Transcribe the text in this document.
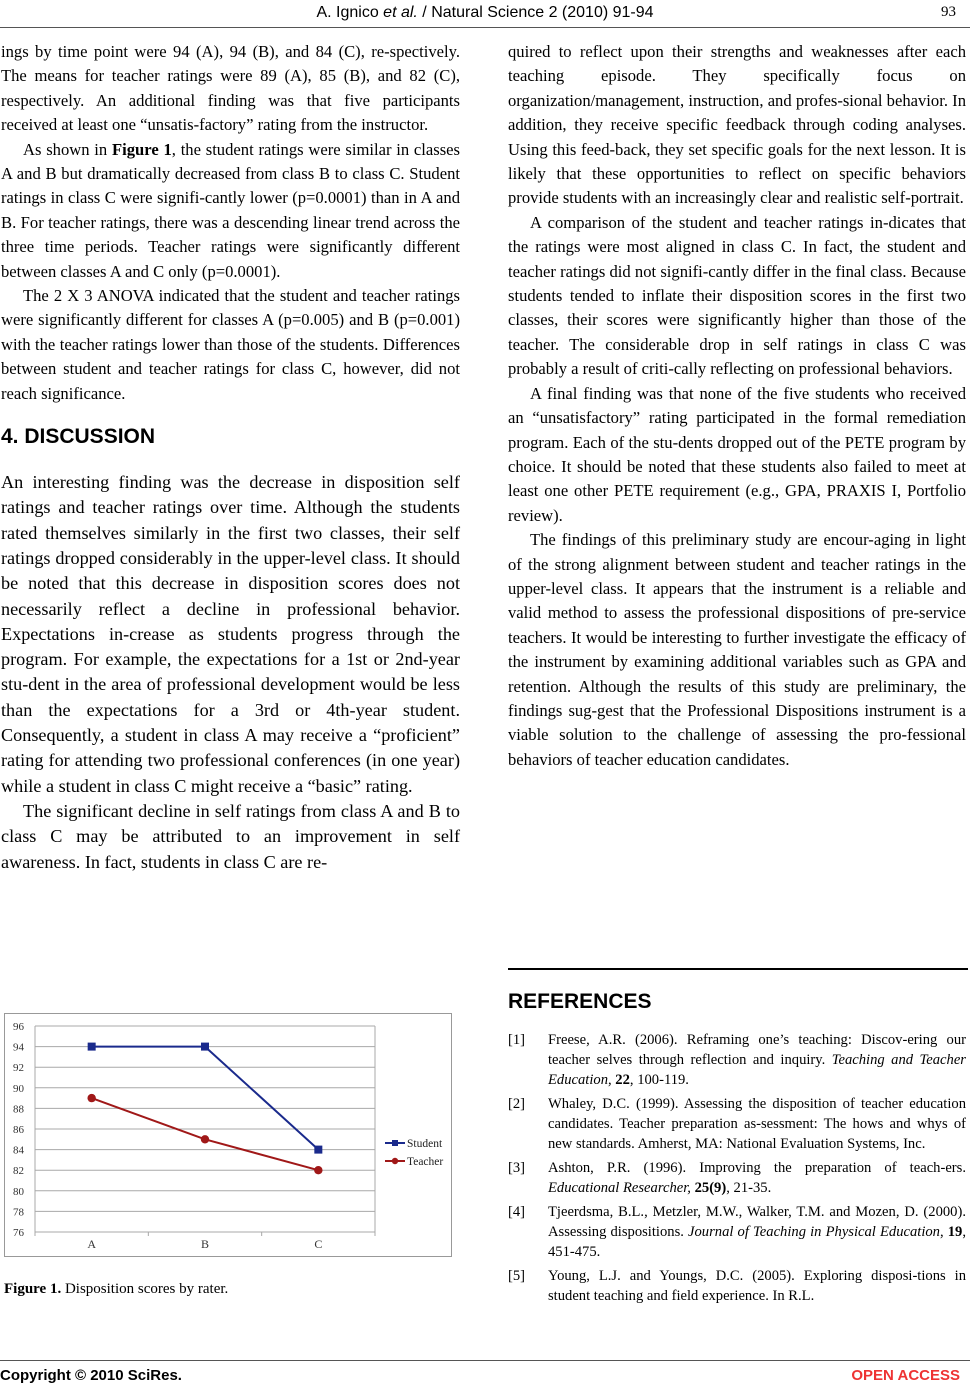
A. Ignico et al. / Natural Science 2 (2010) 91-94	93

ings by time point were 94 (A), 94 (B), and 84 (C), re-spectively. The means for teacher ratings were 89 (A), 85 (B), and 82 (C), respectively. An additional finding was that five participants received at least one “unsatis-factory” rating from the instructor.

As shown in Figure 1, the student ratings were similar in classes A and B but dramatically decreased from class B to class C. Student ratings in class C were signifi-cantly lower (p=0.0001) than in A and B. For teacher ratings, there was a descending linear trend across the three time periods. Teacher ratings were significantly different between classes A and C only (p=0.0001).

The 2 X 3 ANOVA indicated that the student and teacher ratings were significantly different for classes A (p=0.005) and B (p=0.001) with the teacher ratings lower than those of the students. Differences between student and teacher ratings for class C, however, did not reach significance.

4. DISCUSSION

An interesting finding was the decrease in disposition self ratings and teacher ratings over time. Although the students rated themselves similarly in the first two classes, their self ratings dropped considerably in the upper-level class. It should be noted that this decrease in disposition scores does not necessarily reflect a decline in professional behavior. Expectations in-crease as students progress through the program. For example, the expectations for a 1st or 2nd-year stu-dent in the area of professional development would be less than the expectations for a 3rd or 4th-year student. Consequently, a student in class A may receive a “proficient” rating for attending two professional conferences (in one year) while a student in class C might receive a “basic” rating.

The significant decline in self ratings from class A and B to class C may be attributed to an improvement in self awareness. In fact, students in class C are re-

96
94
92
90
88
86
84
82
80
78
76
A	B	C
Student
Teacher
Figure 1. Disposition scores by rater.

quired to reflect upon their strengths and weaknesses after each teaching episode. They specifically focus on organization/management, instruction, and profes-sional behavior. In addition, they receive specific feedback through coding analyses. Using this feed-back, they set specific goals for the next lesson. It is likely that these opportunities to reflect on specific behaviors provide students with an increasingly clear and realistic self-portrait.

A comparison of the student and teacher ratings in-dicates that the ratings were most aligned in class C. In fact, the student and teacher ratings did not signifi-cantly differ in the final class. Because students tended to inflate their disposition scores in the first two classes, their scores were significantly higher than those of the teacher. The considerable drop in self ratings in class C was probably a result of criti-cally reflecting on professional behaviors.

A final finding was that none of the five students who received an “unsatisfactory” rating participated in the formal remediation program. Each of the stu-dents dropped out of the PETE program by choice. It should be noted that these students also failed to meet at least one other PETE requirement (e.g., GPA, PRAXIS I, Portfolio review).

The findings of this preliminary study are encour-aging in light of the strong alignment between student and teacher ratings in the upper-level class. It appears that the instrument is a reliable and valid method to assess the professional dispositions of pre-service teachers. It would be interesting to further investigate the efficacy of the instrument by examining additional variables such as GPA and retention. Although the results of this study are preliminary, the findings sug-gest that the Professional Dispositions instrument is a viable solution to the challenge of assessing the pro-fessional behaviors of teacher education candidates.

REFERENCES
[1] Freese, A.R. (2006). Reframing one’s teaching: Discov-ering our teacher selves through reflection and inquiry. Teaching and Teacher Education, 22, 100-119.
[2] Whaley, D.C. (1999). Assessing the disposition of teacher education candidates. Teacher preparation as-sessment: The hows and whys of new standards. Amherst, MA: National Evaluation Systems, Inc.
[3] Ashton, P.R. (1996). Improving the preparation of teach-ers. Educational Researcher, 25(9), 21-35.
[4] Tjeerdsma, B.L., Metzler, M.W., Walker, T.M. and Mozen, D. (2000). Assessing dispositions. Journal of Teaching in Physical Education, 19, 451-475.
[5] Young, L.J. and Youngs, D.C. (2005). Exploring disposi-tions in student teaching and field experience. In R.L.
Copyright © 2010 SciRes.	OPEN ACCESS
